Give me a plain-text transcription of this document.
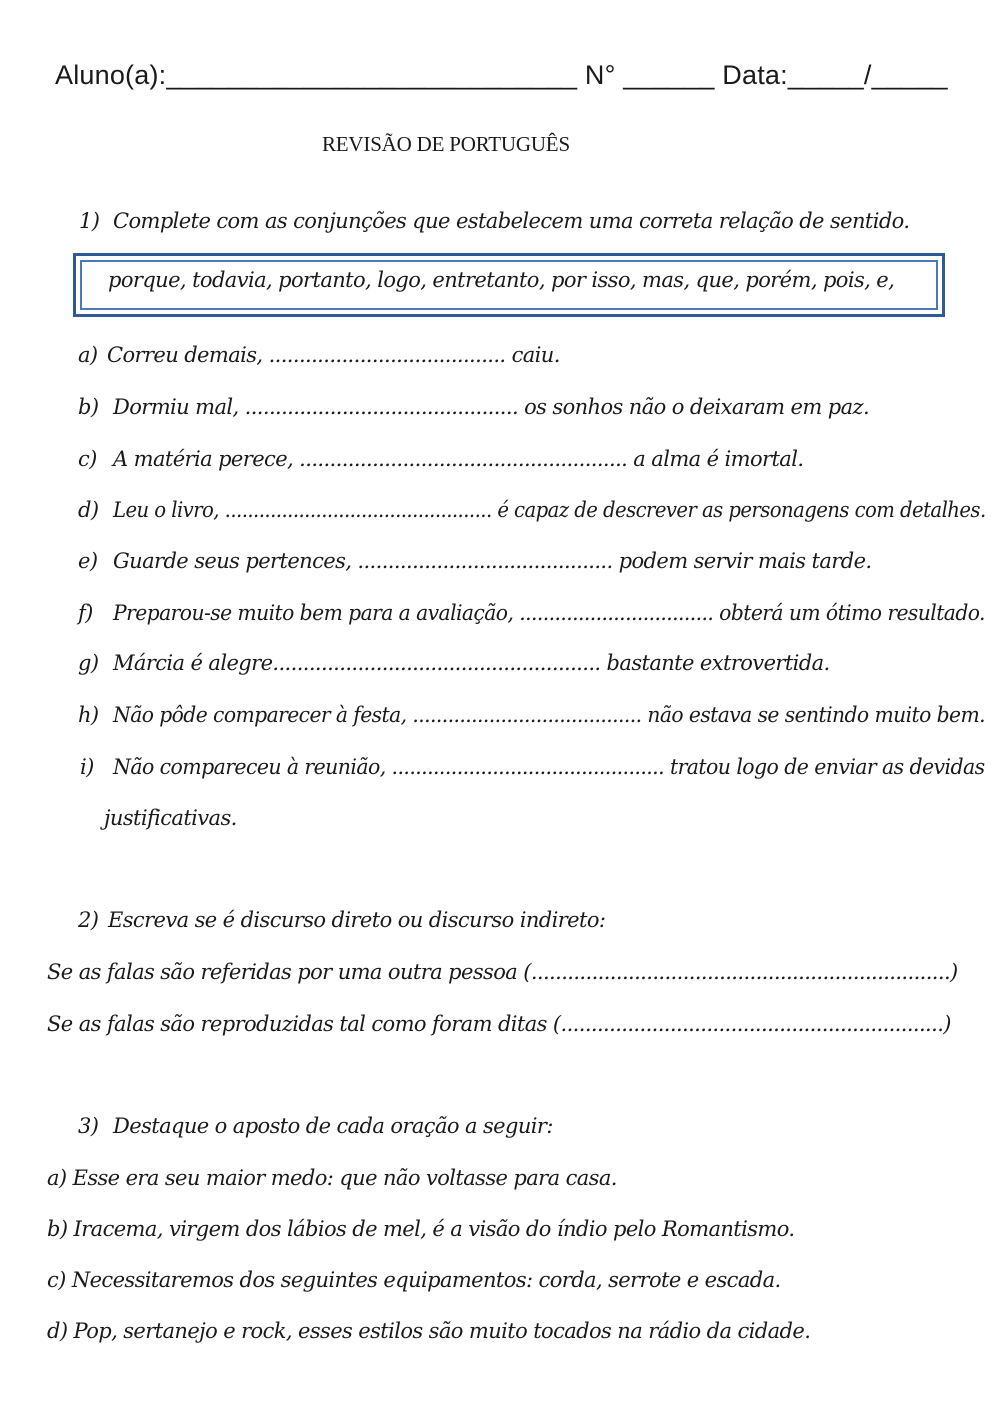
Aluno(a):___________________________ N° ______ Data:_____/_____
REVISÃO DE PORTUGUÊS
1) Complete com as conjunções que estabelecem uma correta relação de sentido.
porque, todavia, portanto, logo, entretanto, por isso, mas, que, porém, pois, e,
a) Correu demais, ....................................... caiu.
b) Dormiu mal, ............................................. os sonhos não o deixaram em paz.
c) A matéria perece, ...................................................... a alma é imortal.
d) Leu o livro, ............................................... é capaz de descrever as personagens com detalhes.
e) Guarde seus pertences, .......................................... podem servir mais tarde.
f) Preparou-se muito bem para a avaliação, ................................. obterá um ótimo resultado.
g) Márcia é alegre...................................................... bastante extrovertida.
h) Não pôde comparecer à festa, ....................................... não estava se sentindo muito bem.
i) Não compareceu à reunião, .............................................. tratou logo de enviar as devidas
justificativas.
2) Escreva se é discurso direto ou discurso indireto:
Se as falas são referidas por uma outra pessoa (.....................................................................)
Se as falas são reproduzidas tal como foram ditas (...............................................................)
3) Destaque o aposto de cada oração a seguir:
a) Esse era seu maior medo: que não voltasse para casa.
b) Iracema, virgem dos lábios de mel, é a visão do índio pelo Romantismo.
c) Necessitaremos dos seguintes equipamentos: corda, serrote e escada.
d) Pop, sertanejo e rock, esses estilos são muito tocados na rádio da cidade.
